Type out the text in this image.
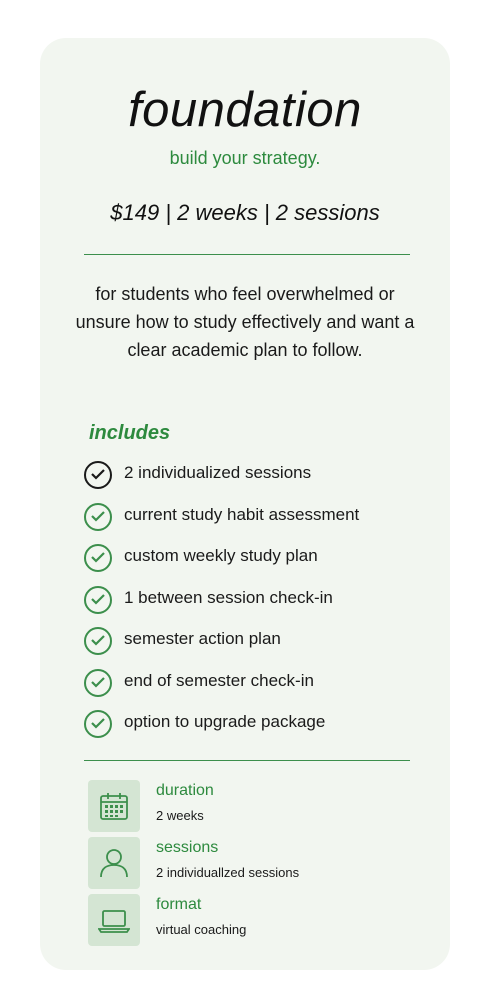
foundation
build your strategy.
$149 | 2 weeks | 2 sessions
for students who feel overwhelmed or unsure how to study effectively and want a clear academic plan to follow.
includes
2 individualized sessions
current study habit assessment
custom weekly study plan
1 between session check-in
semester action plan
end of semester check-in
option to upgrade package
duration
2 weeks
sessions
2 individuallzed sessions
format
virtual coaching
